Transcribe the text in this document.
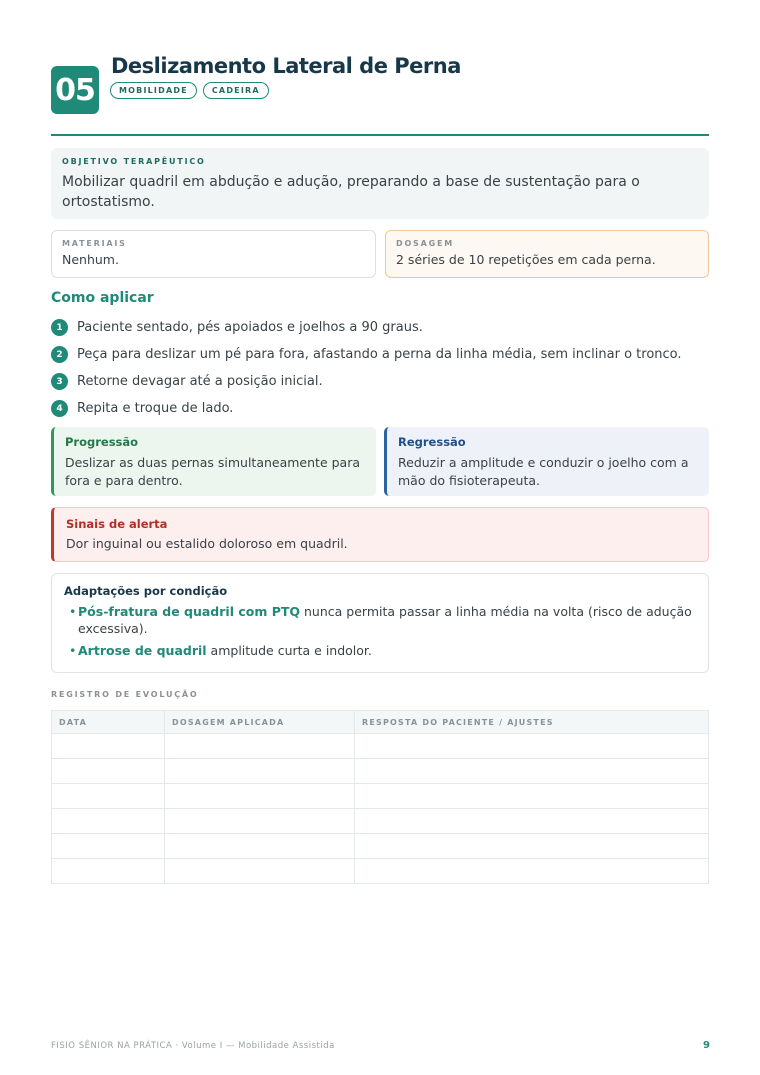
05
Deslizamento Lateral de Perna
MOBILIDADE	CADEIRA
OBJETIVO TERAPÊUTICO
Mobilizar quadril em abdução e adução, preparando a base de sustentação para o ortostatismo.
MATERIAIS
Nenhum.
DOSAGEM
2 séries de 10 repetições em cada perna.
Como aplicar
1	Paciente sentado, pés apoiados e joelhos a 90 graus.
2	Peça para deslizar um pé para fora, afastando a perna da linha média, sem inclinar o tronco.
3	Retorne devagar até a posição inicial.
4	Repita e troque de lado.
Progressão
Deslizar as duas pernas simultaneamente para fora e para dentro.
Regressão
Reduzir a amplitude e conduzir o joelho com a mão do fisioterapeuta.
Sinais de alerta
Dor inguinal ou estalido doloroso em quadril.
Adaptações por condição
• Pós-fratura de quadril com PTQ nunca permita passar a linha média na volta (risco de adução excessiva).
• Artrose de quadril amplitude curta e indolor.
REGISTRO DE EVOLUÇÃO
DATA	DOSAGEM APLICADA	RESPOSTA DO PACIENTE / AJUSTES

FISIO SÊNIOR NA PRÁTICA · Volume I — Mobilidade Assistida	9
